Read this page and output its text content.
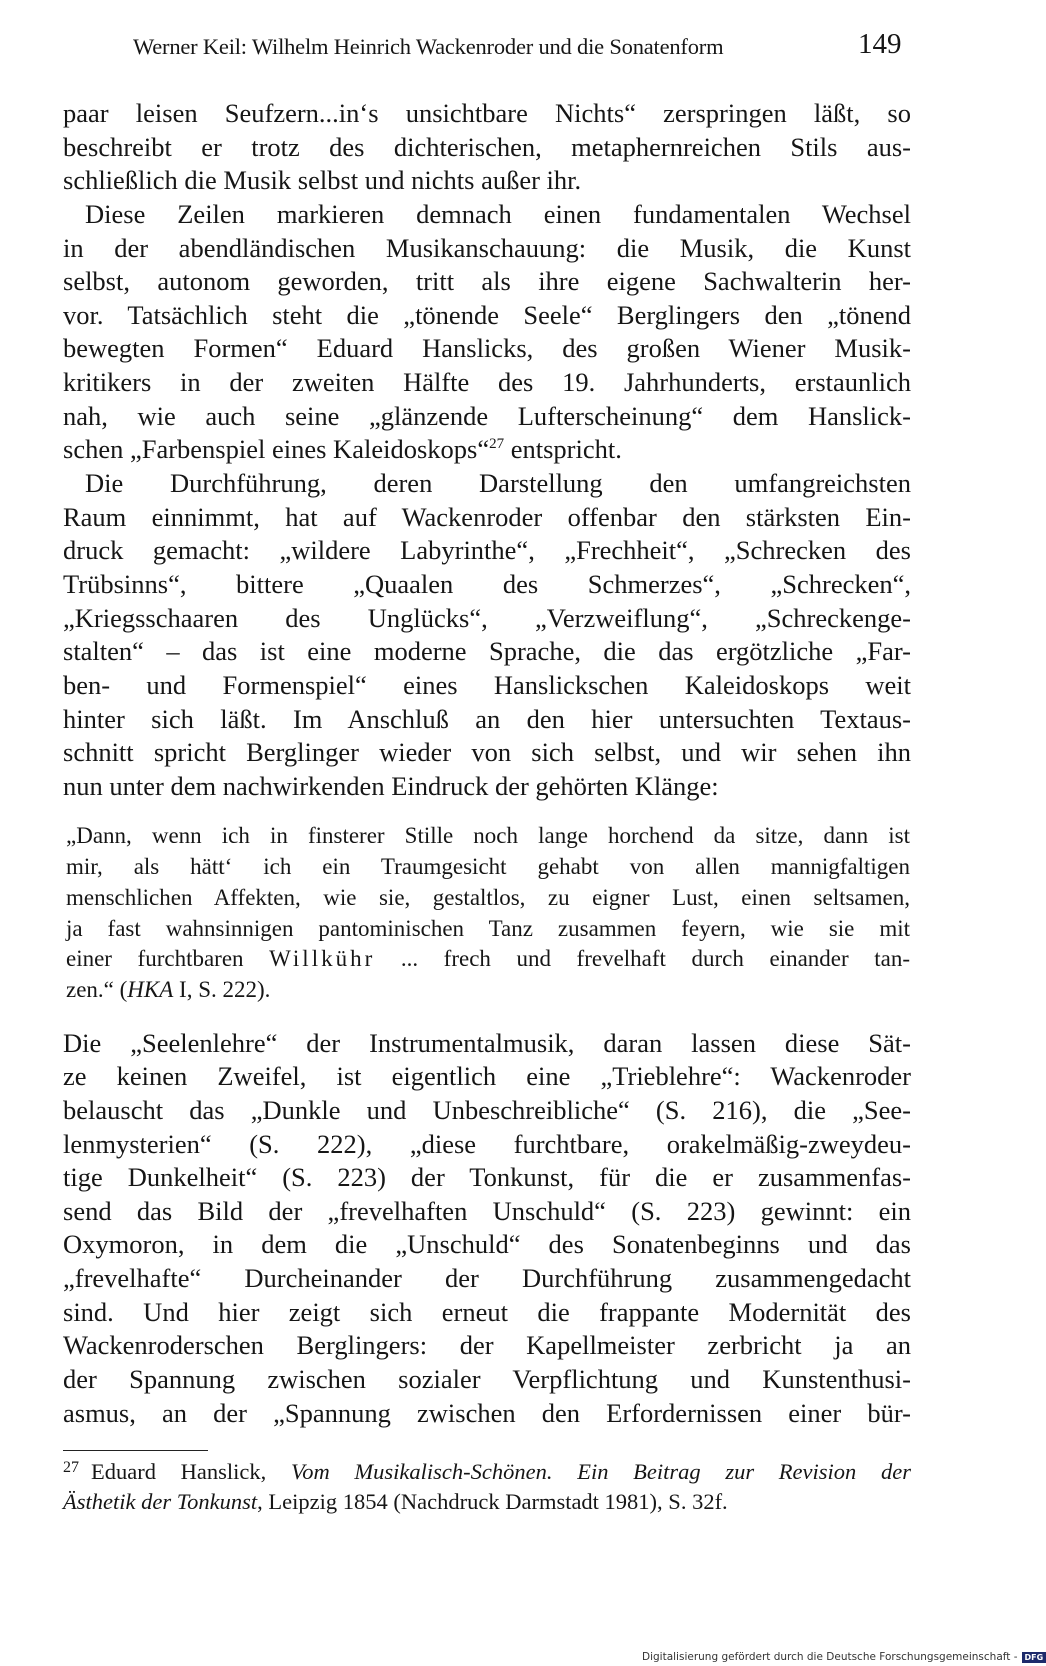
Werner Keil: Wilhelm Heinrich Wackenroder und die Sonatenform	149
paar leisen Seufzern...in‘s unsichtbare Nichts“ zerspringen läßt, so
beschreibt er trotz des dichterischen, metaphernreichen Stils aus-
schließlich die Musik selbst und nichts außer ihr.
Diese Zeilen markieren demnach einen fundamentalen Wechsel
in der abendländischen Musikanschauung: die Musik, die Kunst
selbst, autonom geworden, tritt als ihre eigene Sachwalterin her-
vor. Tatsächlich steht die „tönende Seele“ Berglingers den „tönend
bewegten Formen“ Eduard Hanslicks, des großen Wiener Musik-
kritikers in der zweiten Hälfte des 19. Jahrhunderts, erstaunlich
nah, wie auch seine „glänzende Lufterscheinung“ dem Hanslick-
schen „Farbenspiel eines Kaleidoskops“$^{27}$ entspricht.
Die Durchführung, deren Darstellung den umfangreichsten
Raum einnimmt, hat auf Wackenroder offenbar den stärksten Ein-
druck gemacht: „wildere Labyrinthe“, „Frechheit“, „Schrecken des
Trübsinns“, bittere „Quaalen des Schmerzes“, „Schrecken“,
„Kriegsschaaren des Unglücks“, „Verzweiflung“, „Schreckenge-
stalten“ – das ist eine moderne Sprache, die das ergötzliche „Far-
ben- und Formenspiel“ eines Hanslickschen Kaleidoskops weit
hinter sich läßt. Im Anschluß an den hier untersuchten Textaus-
schnitt spricht Berglinger wieder von sich selbst, und wir sehen ihn
nun unter dem nachwirkenden Eindruck der gehörten Klänge:
„Dann, wenn ich in finsterer Stille noch lange horchend da sitze, dann ist
mir, als hätt‘ ich ein Traumgesicht gehabt von allen mannigfaltigen
menschlichen Affekten, wie sie, gestaltlos, zu eigner Lust, einen seltsamen,
ja fast wahnsinnigen pantominischen Tanz zusammen feyern, wie sie mit
einer furchtbaren Willkühr ... frech und frevelhaft durch einander tan-
zen.“ (HKA I, S. 222).
Die „Seelenlehre“ der Instrumentalmusik, daran lassen diese Sät-
ze keinen Zweifel, ist eigentlich eine „Trieblehre“: Wackenroder
belauscht das „Dunkle und Unbeschreibliche“ (S. 216), die „See-
lenmysterien“ (S. 222), „diese furchtbare, orakelmäßig-zweydeu-
tige Dunkelheit“ (S. 223) der Tonkunst, für die er zusammenfas-
send das Bild der „frevelhaften Unschuld“ (S. 223) gewinnt: ein
Oxymoron, in dem die „Unschuld“ des Sonatenbeginns und das
„frevelhafte“ Durcheinander der Durchführung zusammengedacht
sind. Und hier zeigt sich erneut die frappante Modernität des
Wackenroderschen Berglingers: der Kapellmeister zerbricht ja an
der Spannung zwischen sozialer Verpflichtung und Kunstenthusi-
asmus, an der „Spannung zwischen den Erfordernissen einer bür-
$^{27}$ Eduard Hanslick, Vom Musikalisch-Schönen. Ein Beitrag zur Revision der
Ästhetik der Tonkunst, Leipzig 1854 (Nachdruck Darmstadt 1981), S. 32f.
Digitalisierung gefördert durch die Deutsche Forschungsgemeinschaft - DFG
